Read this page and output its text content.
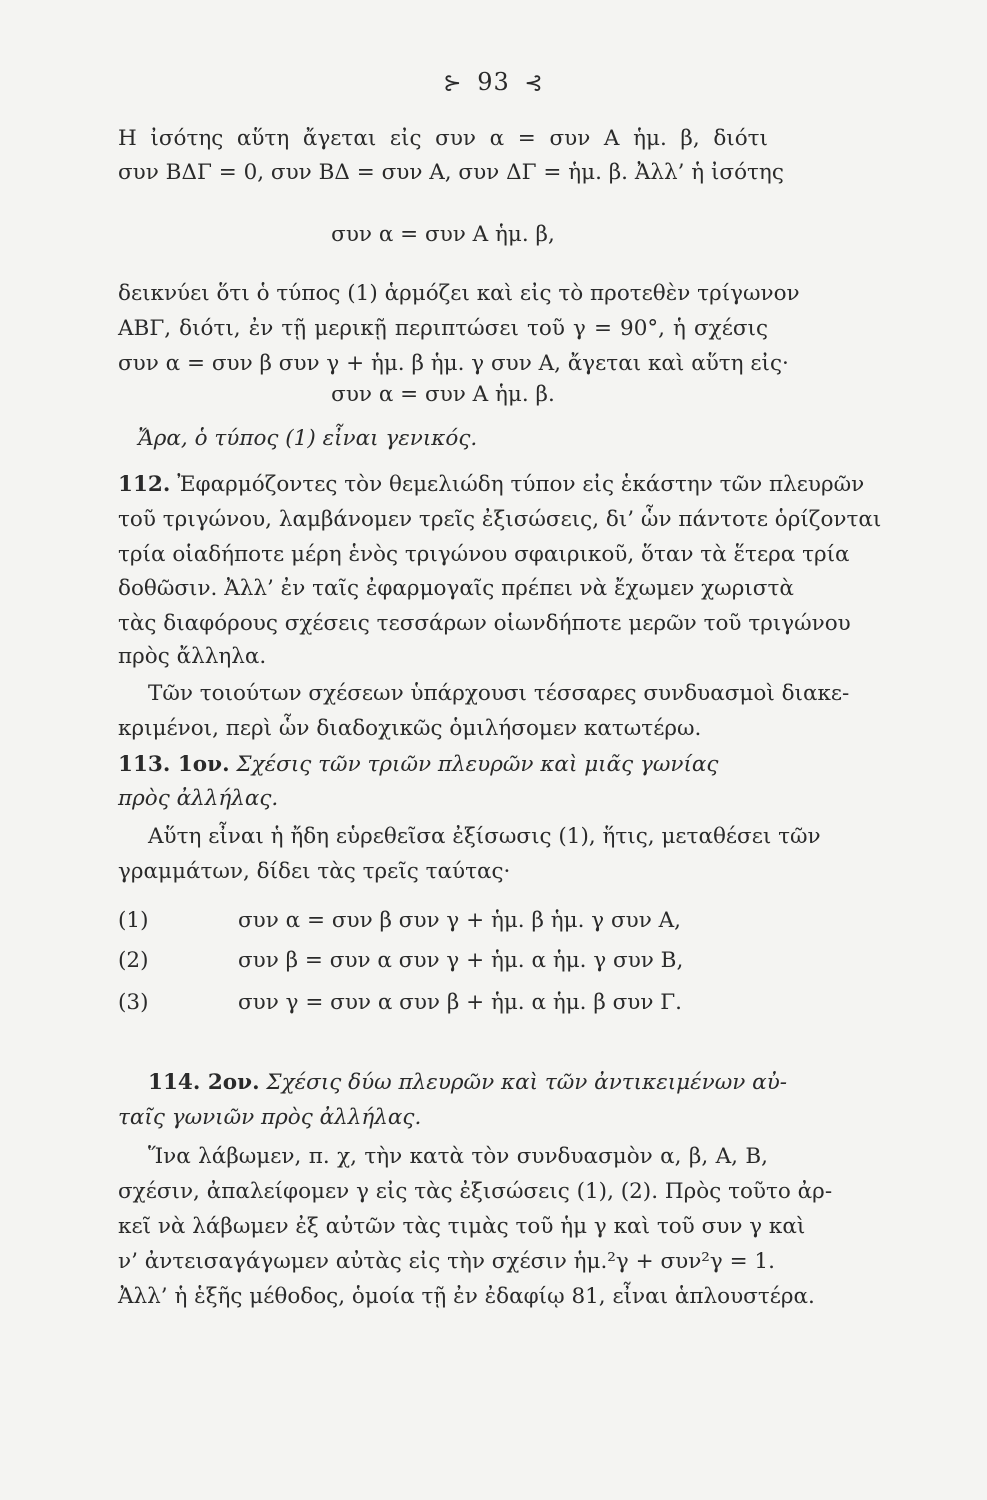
⊱ 93 ⊰
Η ἰσότης αὕτη ἄγεται εἰς συν α = συν Α ἡμ. β, διότι
συν ΒΔΓ = 0, συν ΒΔ = συν Α, συν ΔΓ = ἡμ. β. Ἀλλ’ ἡ ἰσότης
συν α = συν Α ἡμ. β,
δεικνύει ὅτι ὁ τύπος (1) ἁρμόζει καὶ εἰς τὸ προτεθὲν τρίγωνον
ΑΒΓ, διότι, ἐν τῇ μερικῇ περιπτώσει τοῦ γ = 90°, ἡ σχέσις
συν α = συν β συν γ + ἡμ. β ἡμ. γ συν Α, ἄγεται καὶ αὕτη εἰς·
συν α = συν Α ἡμ. β.
Ἄρα, ὁ τύπος (1) εἶναι γενικός.
112. Ἐφαρμόζοντες τὸν θεμελιώδη τύπον εἰς ἑκάστην τῶν πλευρῶν
τοῦ τριγώνου, λαμβάνομεν τρεῖς ἐξισώσεις, δι’ ὧν πάντοτε ὁρίζονται
τρία οἱαδήποτε μέρη ἑνὸς τριγώνου σφαιρικοῦ, ὅταν τὰ ἕτερα τρία
δοθῶσιν. Ἀλλ’ ἐν ταῖς ἐφαρμογαῖς πρέπει νὰ ἔχωμεν χωριστὰ
τὰς διαφόρους σχέσεις τεσσάρων οἱωνδήποτε μερῶν τοῦ τριγώνου
πρὸς ἄλληλα.
Τῶν τοιούτων σχέσεων ὑπάρχουσι τέσσαρες συνδυασμοὶ διακε-
κριμένοι, περὶ ὧν διαδοχικῶς ὁμιλήσομεν κατωτέρω.
113. 1ον. Σχέσις τῶν τριῶν πλευρῶν καὶ μιᾶς γωνίας
πρὸς ἀλλήλας.
Αὕτη εἶναι ἡ ἤδη εὑρεθεῖσα ἐξίσωσις (1), ἥτις, μεταθέσει τῶν
γραμμάτων, δίδει τὰς τρεῖς ταύτας·
(1)	συν α = συν β συν γ + ἡμ. β ἡμ. γ συν Α,
(2)	συν β = συν α συν γ + ἡμ. α ἡμ. γ συν Β,
(3)	συν γ = συν α συν β + ἡμ. α ἡμ. β συν Γ.
114. 2ον. Σχέσις δύω πλευρῶν καὶ τῶν ἀντικειμένων αὐ-
ταῖς γωνιῶν πρὸς ἀλλήλας.
Ἵνα λάβωμεν, π. χ, τὴν κατὰ τὸν συνδυασμὸν α, β, Α, Β,
σχέσιν, ἀπαλείφομεν γ εἰς τὰς ἐξισώσεις (1), (2). Πρὸς τοῦτο ἀρ-
κεῖ νὰ λάβωμεν ἐξ αὐτῶν τὰς τιμὰς τοῦ ἡμ γ καὶ τοῦ συν γ καὶ
ν’ ἀντεισαγάγωμεν αὐτὰς εἰς τὴν σχέσιν ἡμ.²γ + συν²γ = 1.
Ἀλλ’ ἡ ἑξῆς μέθοδος, ὁμοία τῇ ἐν ἐδαφίῳ 81, εἶναι ἁπλουστέρα.
